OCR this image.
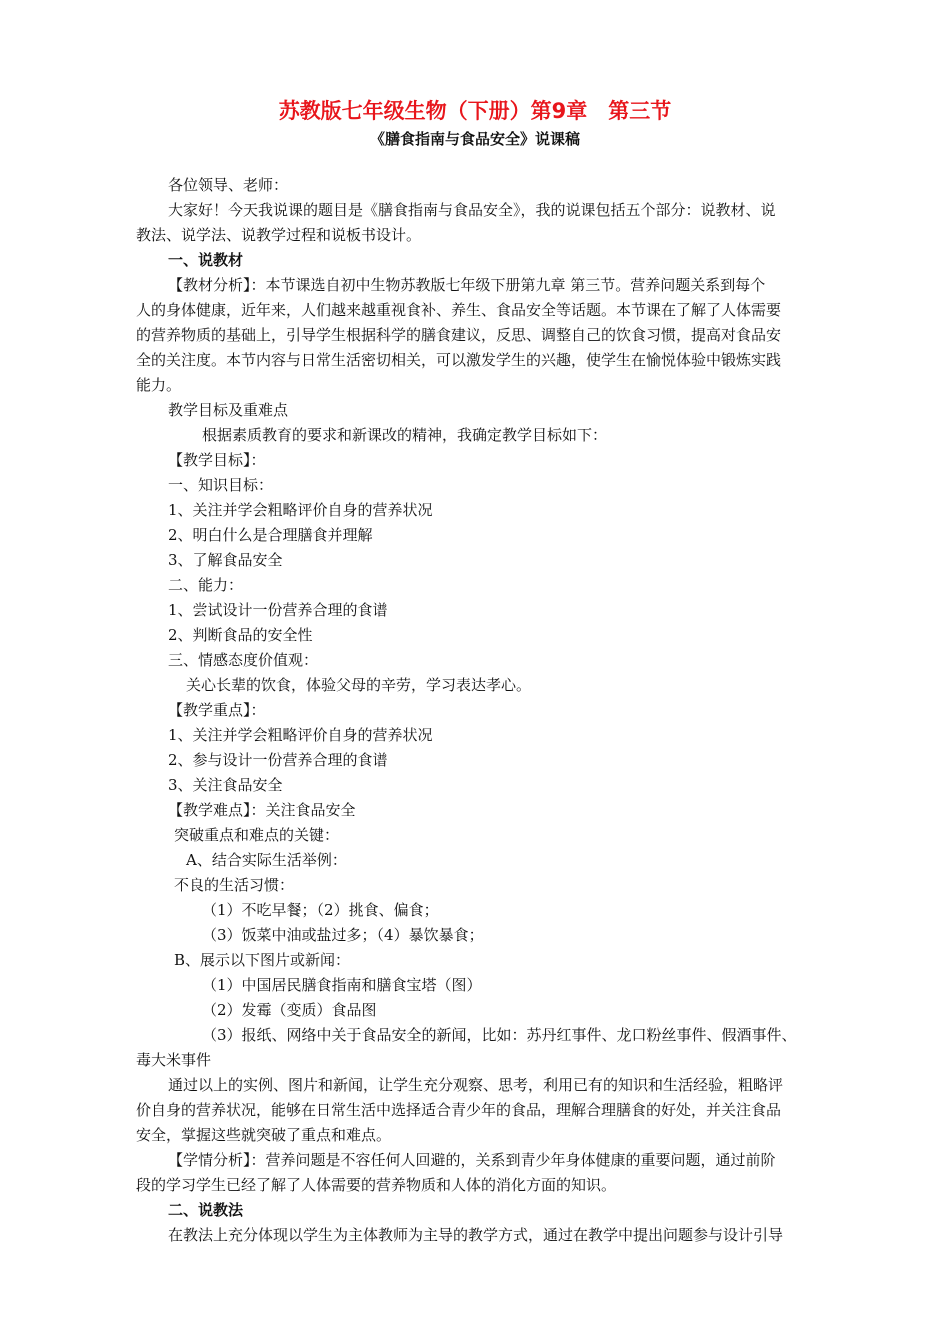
苏教版七年级生物（下册）第9章　第三节
《膳食指南与食品安全》说课稿

各位领导、老师：

大家好！今天我说课的题目是《膳食指南与食品安全》，我的说课包括五个部分：说教材、说

教法、说学法、说教学过程和说板书设计。

一、说教材

【教材分析】：本节课选自初中生物苏教版七年级下册第九章 第三节。营养问题关系到每个

人的身体健康，近年来，人们越来越重视食补、养生、食品安全等话题。本节课在了解了人体需要

的营养物质的基础上，引导学生根据科学的膳食建议，反思、调整自己的饮食习惯，提高对食品安

全的关注度。本节内容与日常生活密切相关，可以激发学生的兴趣，使学生在愉悦体验中锻炼实践

能力。

教学目标及重难点

根据素质教育的要求和新课改的精神，我确定教学目标如下：

【教学目标】：

一、知识目标：

1、关注并学会粗略评价自身的营养状况

2、明白什么是合理膳食并理解

3、了解食品安全

二、能力：

1、尝试设计一份营养合理的食谱

2、判断食品的安全性

三、情感态度价值观：

关心长辈的饮食，体验父母的辛劳，学习表达孝心。

【教学重点】：

1、关注并学会粗略评价自身的营养状况

2、参与设计一份营养合理的食谱

3、关注食品安全

【教学难点】：关注食品安全

突破重点和难点的关键：

A、结合实际生活举例：

不良的生活习惯：

（1）不吃早餐；（2）挑食、偏食；

（3）饭菜中油或盐过多；（4）暴饮暴食；

B、展示以下图片或新闻：

（1）中国居民膳食指南和膳食宝塔（图）

（2）发霉（变质）食品图

（3）报纸、网络中关于食品安全的新闻，比如：苏丹红事件、龙口粉丝事件、假酒事件、

毒大米事件

通过以上的实例、图片和新闻，让学生充分观察、思考，利用已有的知识和生活经验，粗略评

价自身的营养状况，能够在日常生活中选择适合青少年的食品，理解合理膳食的好处，并关注食品

安全，掌握这些就突破了重点和难点。

【学情分析】：营养问题是不容任何人回避的，关系到青少年身体健康的重要问题，通过前阶

段的学习学生已经了解了人体需要的营养物质和人体的消化方面的知识。

二、说教法

在教法上充分体现以学生为主体教师为主导的教学方式，通过在教学中提出问题参与设计引导
